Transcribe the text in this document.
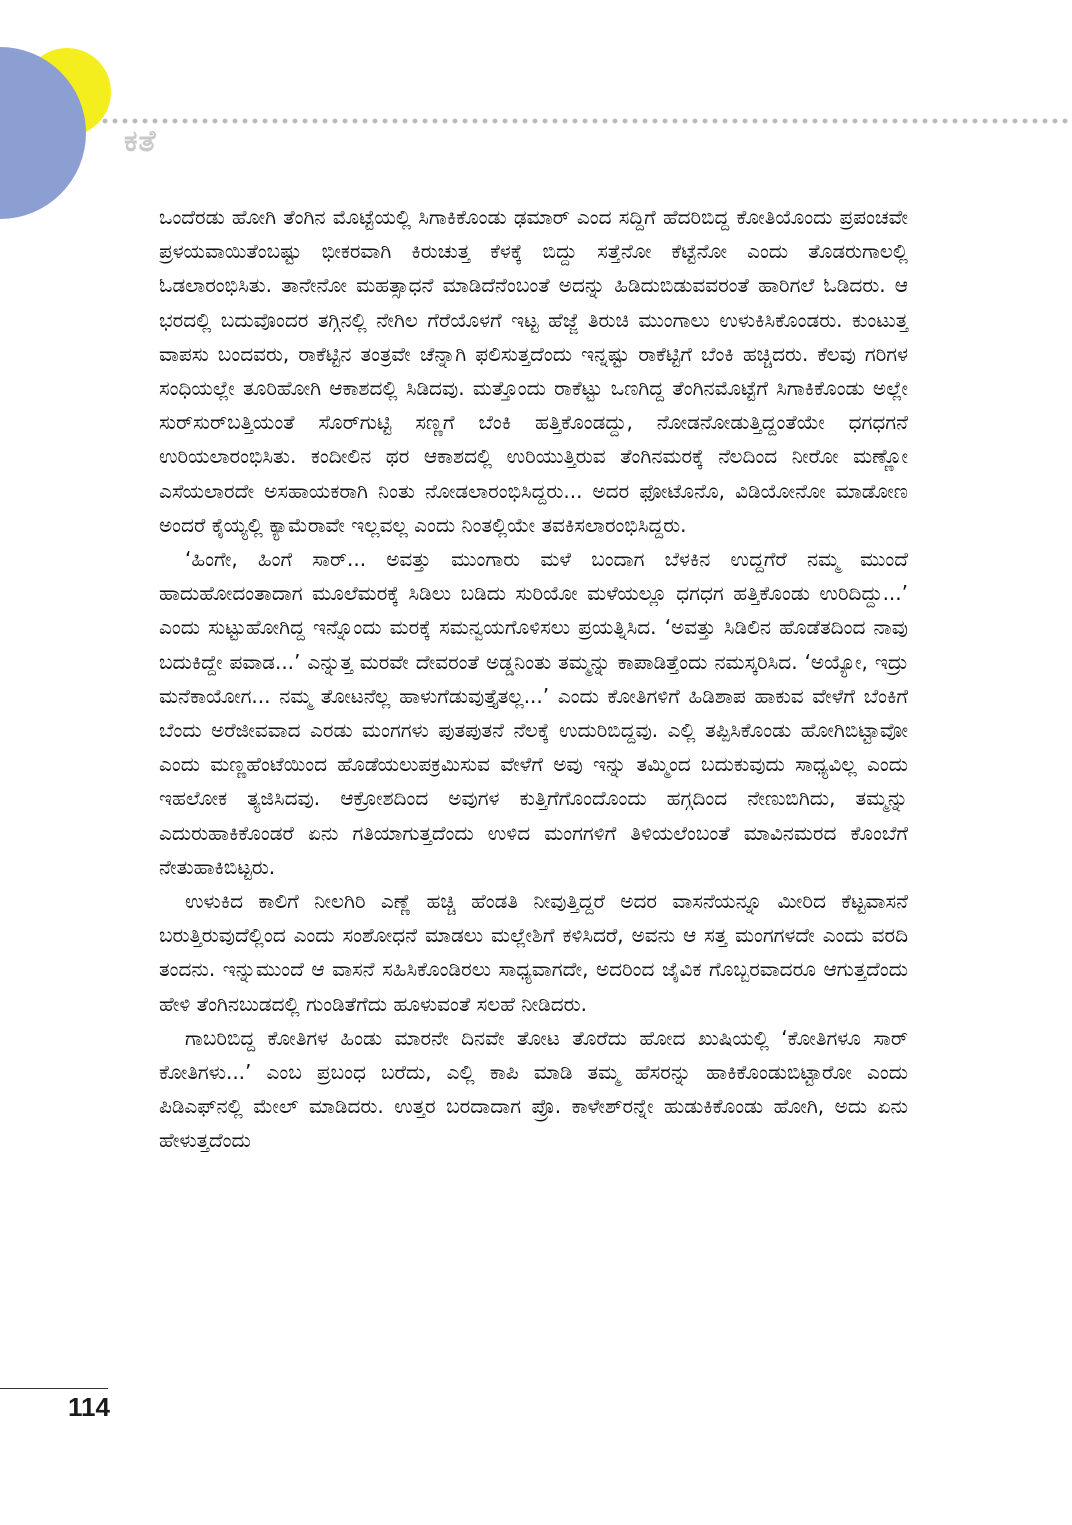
ಕತೆ

ಒಂದೆರಡು ಹೋಗಿ ತೆಂಗಿನ ಮೊಟ್ಟೆಯಲ್ಲಿ ಸಿಗಾಕಿಕೊಂಡು ಢಮಾರ್ ಎಂದ ಸದ್ದಿಗೆ ಹೆದರಿಬಿದ್ದ ಕೋತಿಯೊಂದು ಪ್ರಪಂಚವೇ ಪ್ರಳಯವಾಯಿತೆಂಬಷ್ಟು ಭೀಕರವಾಗಿ ಕಿರುಚುತ್ತ ಕೆಳಕ್ಕೆ ಬಿದ್ದು ಸತ್ತೆನೋ ಕೆಟ್ಟೆನೋ ಎಂದು ತೊಡರುಗಾಲಲ್ಲಿ ಓಡಲಾರಂಭಿಸಿತು. ತಾನೇನೋ ಮಹತ್ಸಾಧನೆ ಮಾಡಿದೆನೆಂಬಂತೆ ಅದನ್ನು ಹಿಡಿದುಬಿಡುವವರಂತೆ ಹಾರಿಗಲೆ ಓಡಿದರು. ಆ ಭರದಲ್ಲಿ ಬದುವೊಂದರ ತಗ್ಗಿನಲ್ಲಿ ನೇಗಿಲ ಗೆರೆಯೊಳಗೆ ಇಟ್ಟ ಹೆಜ್ಜೆ ತಿರುಚಿ ಮುಂಗಾಲು ಉಳುಕಿಸಿಕೊಂಡರು. ಕುಂಟುತ್ತ ವಾಪಸು ಬಂದವರು, ರಾಕೆಟ್ಟಿನ ತಂತ್ರವೇ ಚೆನ್ನಾಗಿ ಫಲಿಸುತ್ತದೆಂದು ಇನ್ನಷ್ಟು ರಾಕೆಟ್ಟಿಗೆ ಬೆಂಕಿ ಹಚ್ಚಿದರು. ಕೆಲವು ಗರಿಗಳ ಸಂಧಿಯಲ್ಲೇ ತೂರಿಹೋಗಿ ಆಕಾಶದಲ್ಲಿ ಸಿಡಿದವು. ಮತ್ತೊಂದು ರಾಕೆಟ್ಟು ಒಣಗಿದ್ದ ತೆಂಗಿನಮೊಟ್ಟೆಗೆ ಸಿಗಾಕಿಕೊಂಡು ಅಲ್ಲೇ ಸುರ್‌ಸುರ್‌ಬತ್ತಿಯಂತೆ ಸೊರ್‌ಗುಟ್ಟಿ ಸಣ್ಣಗೆ ಬೆಂಕಿ ಹತ್ತಿಕೊಂಡದ್ದು, ನೋಡನೋಡುತ್ತಿದ್ದಂತೆಯೇ ಧಗಧಗನೆ ಉರಿಯಲಾರಂಭಿಸಿತು. ಕಂದೀಲಿನ ಥರ ಆಕಾಶದಲ್ಲಿ ಉರಿಯುತ್ತಿರುವ ತೆಂಗಿನಮರಕ್ಕೆ ನೆಲದಿಂದ ನೀರೋ ಮಣ್ಣೋ ಎಸೆಯಲಾರದೇ ಅಸಹಾಯಕರಾಗಿ ನಿಂತು ನೋಡಲಾರಂಭಿಸಿದ್ದರು... ಅದರ ಫೋಟೊನೊ, ವಿಡಿಯೋನೋ ಮಾಡೋಣ ಅಂದರೆ ಕೈಯ್ಯಲ್ಲಿ ಕ್ಯಾಮೆರಾವೇ ಇಲ್ಲವಲ್ಲ ಎಂದು ನಿಂತಲ್ಲಿಯೇ ತವಕಿಸಲಾರಂಭಿಸಿದ್ದರು.

‘ಹಿಂಗೇ, ಹಿಂಗೆ ಸಾರ್... ಅವತ್ತು ಮುಂಗಾರು ಮಳೆ ಬಂದಾಗ ಬೆಳಕಿನ ಉದ್ದಗೆರೆ ನಮ್ಮ ಮುಂದೆ ಹಾದುಹೋದಂತಾದಾಗ ಮೂಲೆಮರಕ್ಕೆ ಸಿಡಿಲು ಬಡಿದು ಸುರಿಯೋ ಮಳೆಯಲ್ಲೂ ಧಗಧಗ ಹತ್ತಿಕೊಂಡು ಉರಿದಿದ್ದು...’ ಎಂದು ಸುಟ್ಟುಹೋಗಿದ್ದ ಇನ್ನೊಂದು ಮರಕ್ಕೆ ಸಮನ್ವಯಗೊಳಿಸಲು ಪ್ರಯತ್ನಿಸಿದ. ‘ಅವತ್ತು ಸಿಡಿಲಿನ ಹೊಡೆತದಿಂದ ನಾವು ಬದುಕಿದ್ದೇ ಪವಾಡ...’ ಎನ್ನುತ್ತ ಮರವೇ ದೇವರಂತೆ ಅಡ್ಡನಿಂತು ತಮ್ಮನ್ನು ಕಾಪಾಡಿತ್ತೆಂದು ನಮಸ್ಕರಿಸಿದ. ‘ಅಯ್ಯೋ, ಇದ್ರು ಮನೆಕಾಯೋಗ... ನಮ್ಮ ತೋಟನೆಲ್ಲ ಹಾಳುಗೆಡುವುತ್ತೈತಲ್ಲ...’ ಎಂದು ಕೋತಿಗಳಿಗೆ ಹಿಡಿಶಾಪ ಹಾಕುವ ವೇಳೆಗೆ ಬೆಂಕಿಗೆ ಬೆಂದು ಅರೆಜೀವವಾದ ಎರಡು ಮಂಗಗಳು ಪುತಪುತನೆ ನೆಲಕ್ಕೆ ಉದುರಿಬಿದ್ದವು. ಎಲ್ಲಿ ತಪ್ಪಿಸಿಕೊಂಡು ಹೋಗಿಬಿಟ್ಟಾವೋ ಎಂದು ಮಣ್ಣಹೆಂಟೆಯಿಂದ ಹೊಡೆಯಲುಪಕ್ರಮಿಸುವ ವೇಳೆಗೆ ಅವು ಇನ್ನು ತಮ್ಮಿಂದ ಬದುಕುವುದು ಸಾಧ್ಯವಿಲ್ಲ ಎಂದು ಇಹಲೋಕ ತ್ಯಜಿಸಿದವು. ಆಕ್ರೋಶದಿಂದ ಅವುಗಳ ಕುತ್ತಿಗೆಗೊಂದೊಂದು ಹಗ್ಗದಿಂದ ನೇಣುಬಿಗಿದು, ತಮ್ಮನ್ನು ಎದುರುಹಾಕಿಕೊಂಡರೆ ಏನು ಗತಿಯಾಗುತ್ತದೆಂದು ಉಳಿದ ಮಂಗಗಳಿಗೆ ತಿಳಿಯಲೆಂಬಂತೆ ಮಾವಿನಮರದ ಕೊಂಬೆಗೆ ನೇತುಹಾಕಿಬಿಟ್ಟರು.

ಉಳುಕಿದ ಕಾಲಿಗೆ ನೀಲಗಿರಿ ಎಣ್ಣೆ ಹಚ್ಚಿ ಹೆಂಡತಿ ನೀವುತ್ತಿದ್ದರೆ ಅದರ ವಾಸನೆಯನ್ನೂ ಮೀರಿದ ಕೆಟ್ಟವಾಸನೆ ಬರುತ್ತಿರುವುದೆಲ್ಲಿಂದ ಎಂದು ಸಂಶೋಧನೆ ಮಾಡಲು ಮಲ್ಲೇಶಿಗೆ ಕಳಿಸಿದರೆ, ಅವನು ಆ ಸತ್ತ ಮಂಗಗಳದೇ ಎಂದು ವರದಿ ತಂದನು. ಇನ್ನುಮುಂದೆ ಆ ವಾಸನೆ ಸಹಿಸಿಕೊಂಡಿರಲು ಸಾಧ್ಯವಾಗದೇ, ಅದರಿಂದ ಜೈವಿಕ ಗೊಬ್ಬರವಾದರೂ ಆಗುತ್ತದೆಂದು ಹೇಳಿ ತೆಂಗಿನಬುಡದಲ್ಲಿ ಗುಂಡಿತೆಗೆದು ಹೂಳುವಂತೆ ಸಲಹೆ ನೀಡಿದರು.

ಗಾಬರಿಬಿದ್ದ ಕೋತಿಗಳ ಹಿಂಡು ಮಾರನೇ ದಿನವೇ ತೋಟ ತೊರೆದು ಹೋದ ಖುಷಿಯಲ್ಲಿ ‘ಕೋತಿಗಳೂ ಸಾರ್ ಕೋತಿಗಳು...’ ಎಂಬ ಪ್ರಬಂಧ ಬರೆದು, ಎಲ್ಲಿ ಕಾಪಿ ಮಾಡಿ ತಮ್ಮ ಹೆಸರನ್ನು ಹಾಕಿಕೊಂಡುಬಿಟ್ಟಾರೋ ಎಂದು ಪಿಡಿಎಫ್‌ನಲ್ಲಿ ಮೇಲ್ ಮಾಡಿದರು. ಉತ್ತರ ಬರದಾದಾಗ ಪ್ರೊ. ಕಾಳೇಶ್‌ರನ್ನೇ ಹುಡುಕಿಕೊಂಡು ಹೋಗಿ, ಅದು ಏನು ಹೇಳುತ್ತದೆಂದು

114
